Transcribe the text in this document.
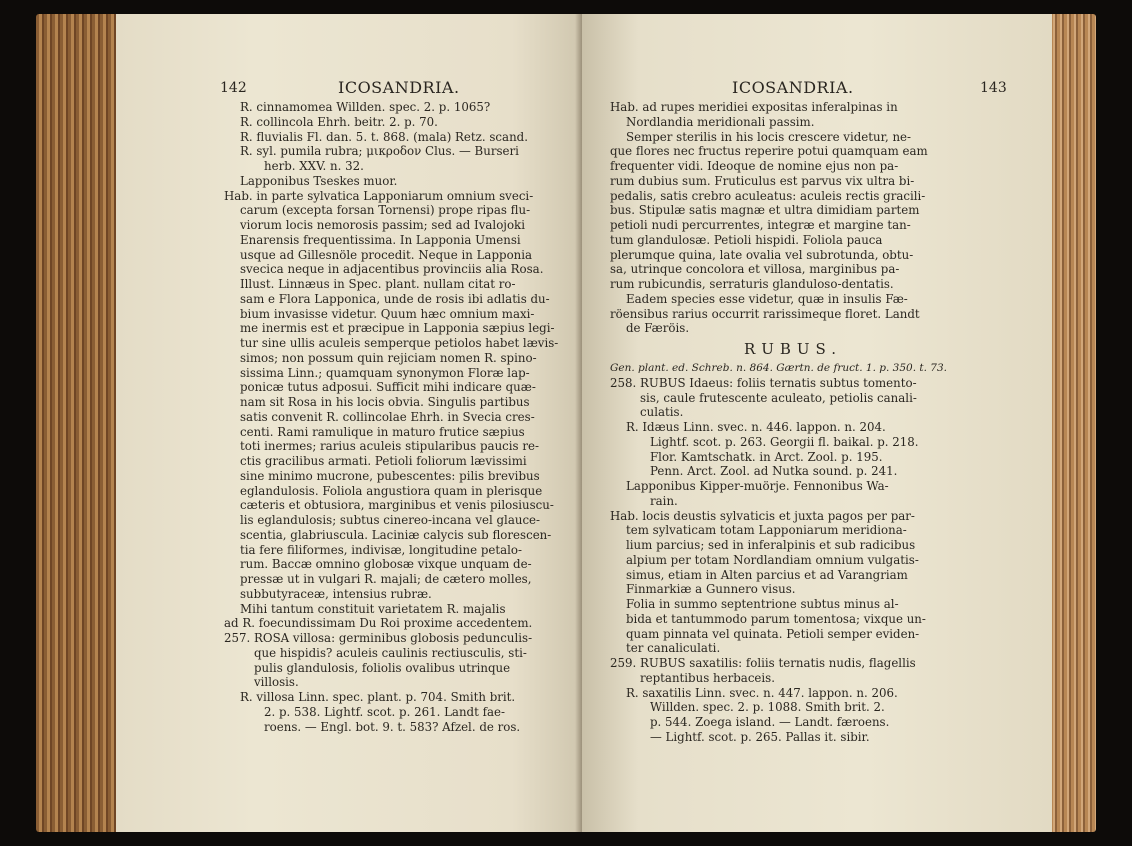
142	ICOSANDRIA.
R. cinnamomea Willden. spec. 2. p. 1065?
R. collincola Ehrh. beitr. 2. p. 70.
R. fluvialis Fl. dan. 5. t. 868. (mala) Retz. scand.
R. syl. pumila rubra; μικροδον Clus. — Burseri
herb. XXV. n. 32.
Lapponibus Tseskes muor.
Hab. in parte sylvatica Lapponiarum omnium sveci-
carum (excepta forsan Tornensi) prope ripas flu-
viorum locis nemorosis passim; sed ad Ivalojoki
Enarensis frequentissima. In Lapponia Umensi
usque ad Gillesnöle procedit. Neque in Lapponia
svecica neque in adjacentibus provinciis alia Rosa.
Illust. Linnæus in Spec. plant. nullam citat ro-
sam e Flora Lapponica, unde de rosis ibi adlatis du-
bium invasisse videtur. Quum hæc omnium maxi-
me inermis est et præcipue in Lapponia sæpius legi-
tur sine ullis aculeis semperque petiolos habet lævis-
simos; non possum quin rejiciam nomen R. spino-
sissima Linn.; quamquam synonymon Floræ lap-
ponicæ tutus adposui. Sufficit mihi indicare quæ-
nam sit Rosa in his locis obvia. Singulis partibus
satis convenit R. collincolae Ehrh. in Svecia cres-
centi. Rami ramulique in maturo frutice sæpius
toti inermes; rarius aculeis stipularibus paucis re-
ctis gracilibus armati. Petioli foliorum lævissimi
sine minimo mucrone, pubescentes: pilis brevibus
eglandulosis. Foliola angustiora quam in plerisque
cæteris et obtusiora, marginibus et venis pilosiuscu-
lis eglandulosis; subtus cinereo-incana vel glauce-
scentia, glabriuscula. Laciniæ calycis sub florescen-
tia fere filiformes, indivisæ, longitudine petalo-
rum. Baccæ omnino globosæ vixque unquam de-
pressæ ut in vulgari R. majali; de cætero molles,
subbutyraceæ, intensius rubræ.
Mihi tantum constituit varietatem R. majalis
ad R. foecundissimam Du Roi proxime accedentem.
257. ROSA villosa: germinibus globosis pedunculis-
que hispidis? aculeis caulinis rectiusculis, sti-
pulis glandulosis, foliolis ovalibus utrinque
villosis.
R. villosa Linn. spec. plant. p. 704. Smith brit.
2. p. 538. Lightf. scot. p. 261. Landt fae-
roens. — Engl. bot. 9. t. 583? Afzel. de ros.
ICOSANDRIA.	143
Hab. ad rupes meridiei expositas inferalpinas in
Nordlandia meridionali passim.
Semper sterilis in his locis crescere videtur, ne-
que flores nec fructus reperire potui quamquam eam
frequenter vidi. Ideoque de nomine ejus non pa-
rum dubius sum. Fruticulus est parvus vix ultra bi-
pedalis, satis crebro aculeatus: aculeis rectis gracili-
bus. Stipulæ satis magnæ et ultra dimidiam partem
petioli nudi percurrentes, integræ et margine tan-
tum glandulosæ. Petioli hispidi. Foliola pauca
plerumque quina, late ovalia vel subrotunda, obtu-
sa, utrinque concolora et villosa, marginibus pa-
rum rubicundis, serraturis glanduloso-dentatis.
Eadem species esse videtur, quæ in insulis Fæ-
röensibus rarius occurrit rarissimeque floret. Landt
de Færöis.
RUBUS.
Gen. plant. ed. Schreb. n. 864. Gærtn. de fruct. 1. p. 350. t. 73.
258. RUBUS Idaeus: foliis ternatis subtus tomento-
sis, caule frutescente aculeato, petiolis canali-
culatis.
R. Idæus Linn. svec. n. 446. lappon. n. 204.
Lightf. scot. p. 263. Georgii fl. baikal. p. 218.
Flor. Kamtschatk. in Arct. Zool. p. 195.
Penn. Arct. Zool. ad Nutka sound. p. 241.
Lapponibus Kipper-muörje. Fennonibus Wa-
rain.
Hab. locis deustis sylvaticis et juxta pagos per par-
tem sylvaticam totam Lapponiarum meridiona-
lium parcius; sed in inferalpinis et sub radicibus
alpium per totam Nordlandiam omnium vulgatis-
simus, etiam in Alten parcius et ad Varangriam
Finmarkiæ a Gunnero visus.
Folia in summo septentrione subtus minus al-
bida et tantummodo parum tomentosa; vixque un-
quam pinnata vel quinata. Petioli semper eviden-
ter canaliculati.
259. RUBUS saxatilis: foliis ternatis nudis, flagellis
reptantibus herbaceis.
R. saxatilis Linn. svec. n. 447. lappon. n. 206.
Willden. spec. 2. p. 1088. Smith brit. 2.
p. 544. Zoega island. — Landt. færoens.
— Lightf. scot. p. 265. Pallas it. sibir.
